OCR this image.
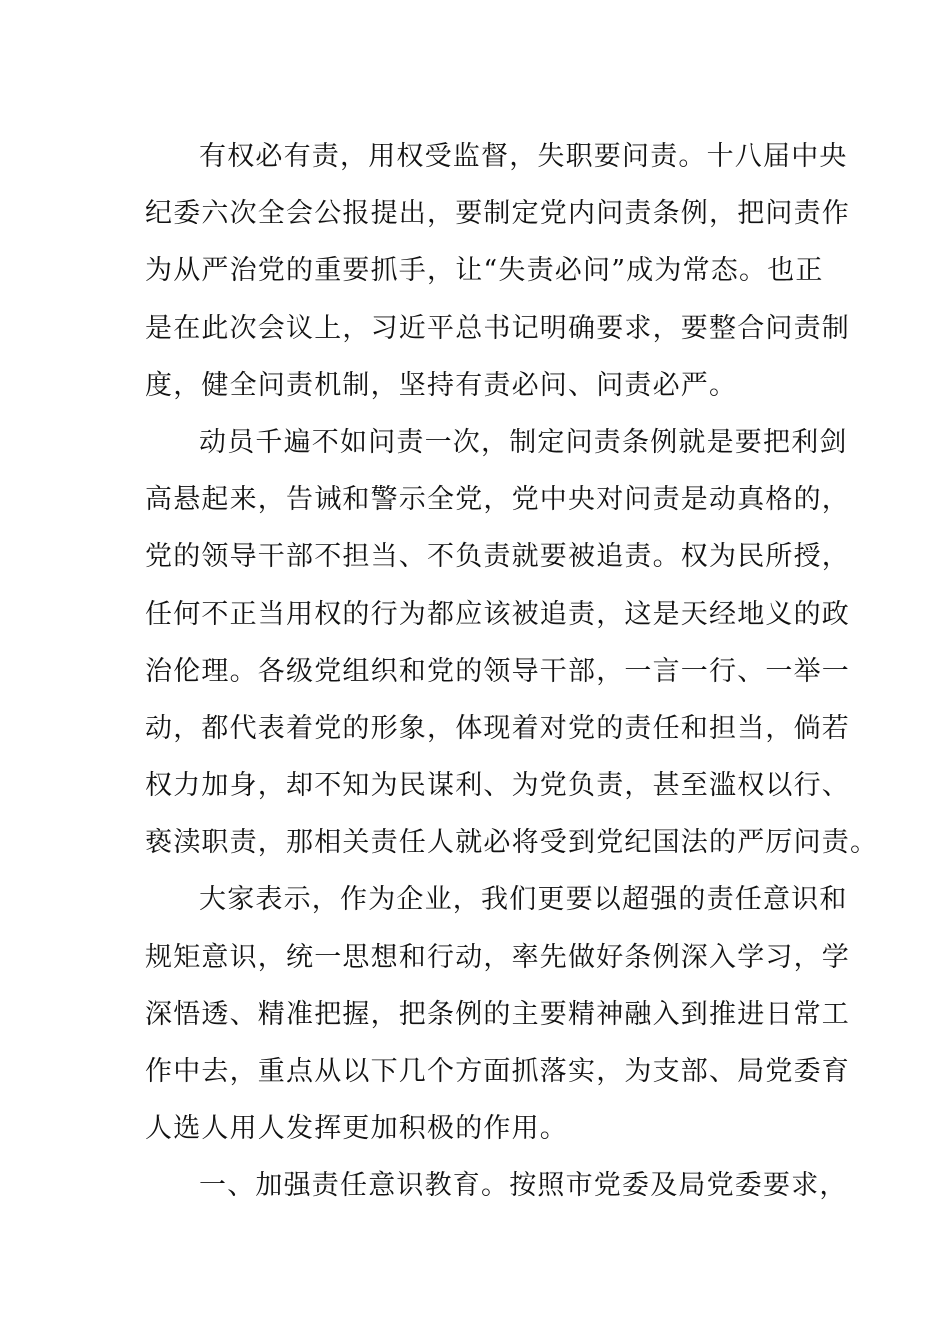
有权必有责，用权受监督，失职要问责。十八届中央
纪委六次全会公报提出，要制定党内问责条例，把问责作
为从严治党的重要抓手，让“失责必问”成为常态。也正
是在此次会议上，习近平总书记明确要求，要整合问责制
度，健全问责机制，坚持有责必问、问责必严。
动员千遍不如问责一次，制定问责条例就是要把利剑
高悬起来，告诫和警示全党，党中央对问责是动真格的，
党的领导干部不担当、不负责就要被追责。权为民所授，
任何不正当用权的行为都应该被追责，这是天经地义的政
治伦理。各级党组织和党的领导干部，一言一行、一举一
动，都代表着党的形象，体现着对党的责任和担当，倘若
权力加身，却不知为民谋利、为党负责，甚至滥权以行、
亵渎职责，那相关责任人就必将受到党纪国法的严厉问责。
大家表示，作为企业，我们更要以超强的责任意识和
规矩意识，统一思想和行动，率先做好条例深入学习，学
深悟透、精准把握，把条例的主要精神融入到推进日常工
作中去，重点从以下几个方面抓落实，为支部、局党委育
人选人用人发挥更加积极的作用。
一、加强责任意识教育。按照市党委及局党委要求，
